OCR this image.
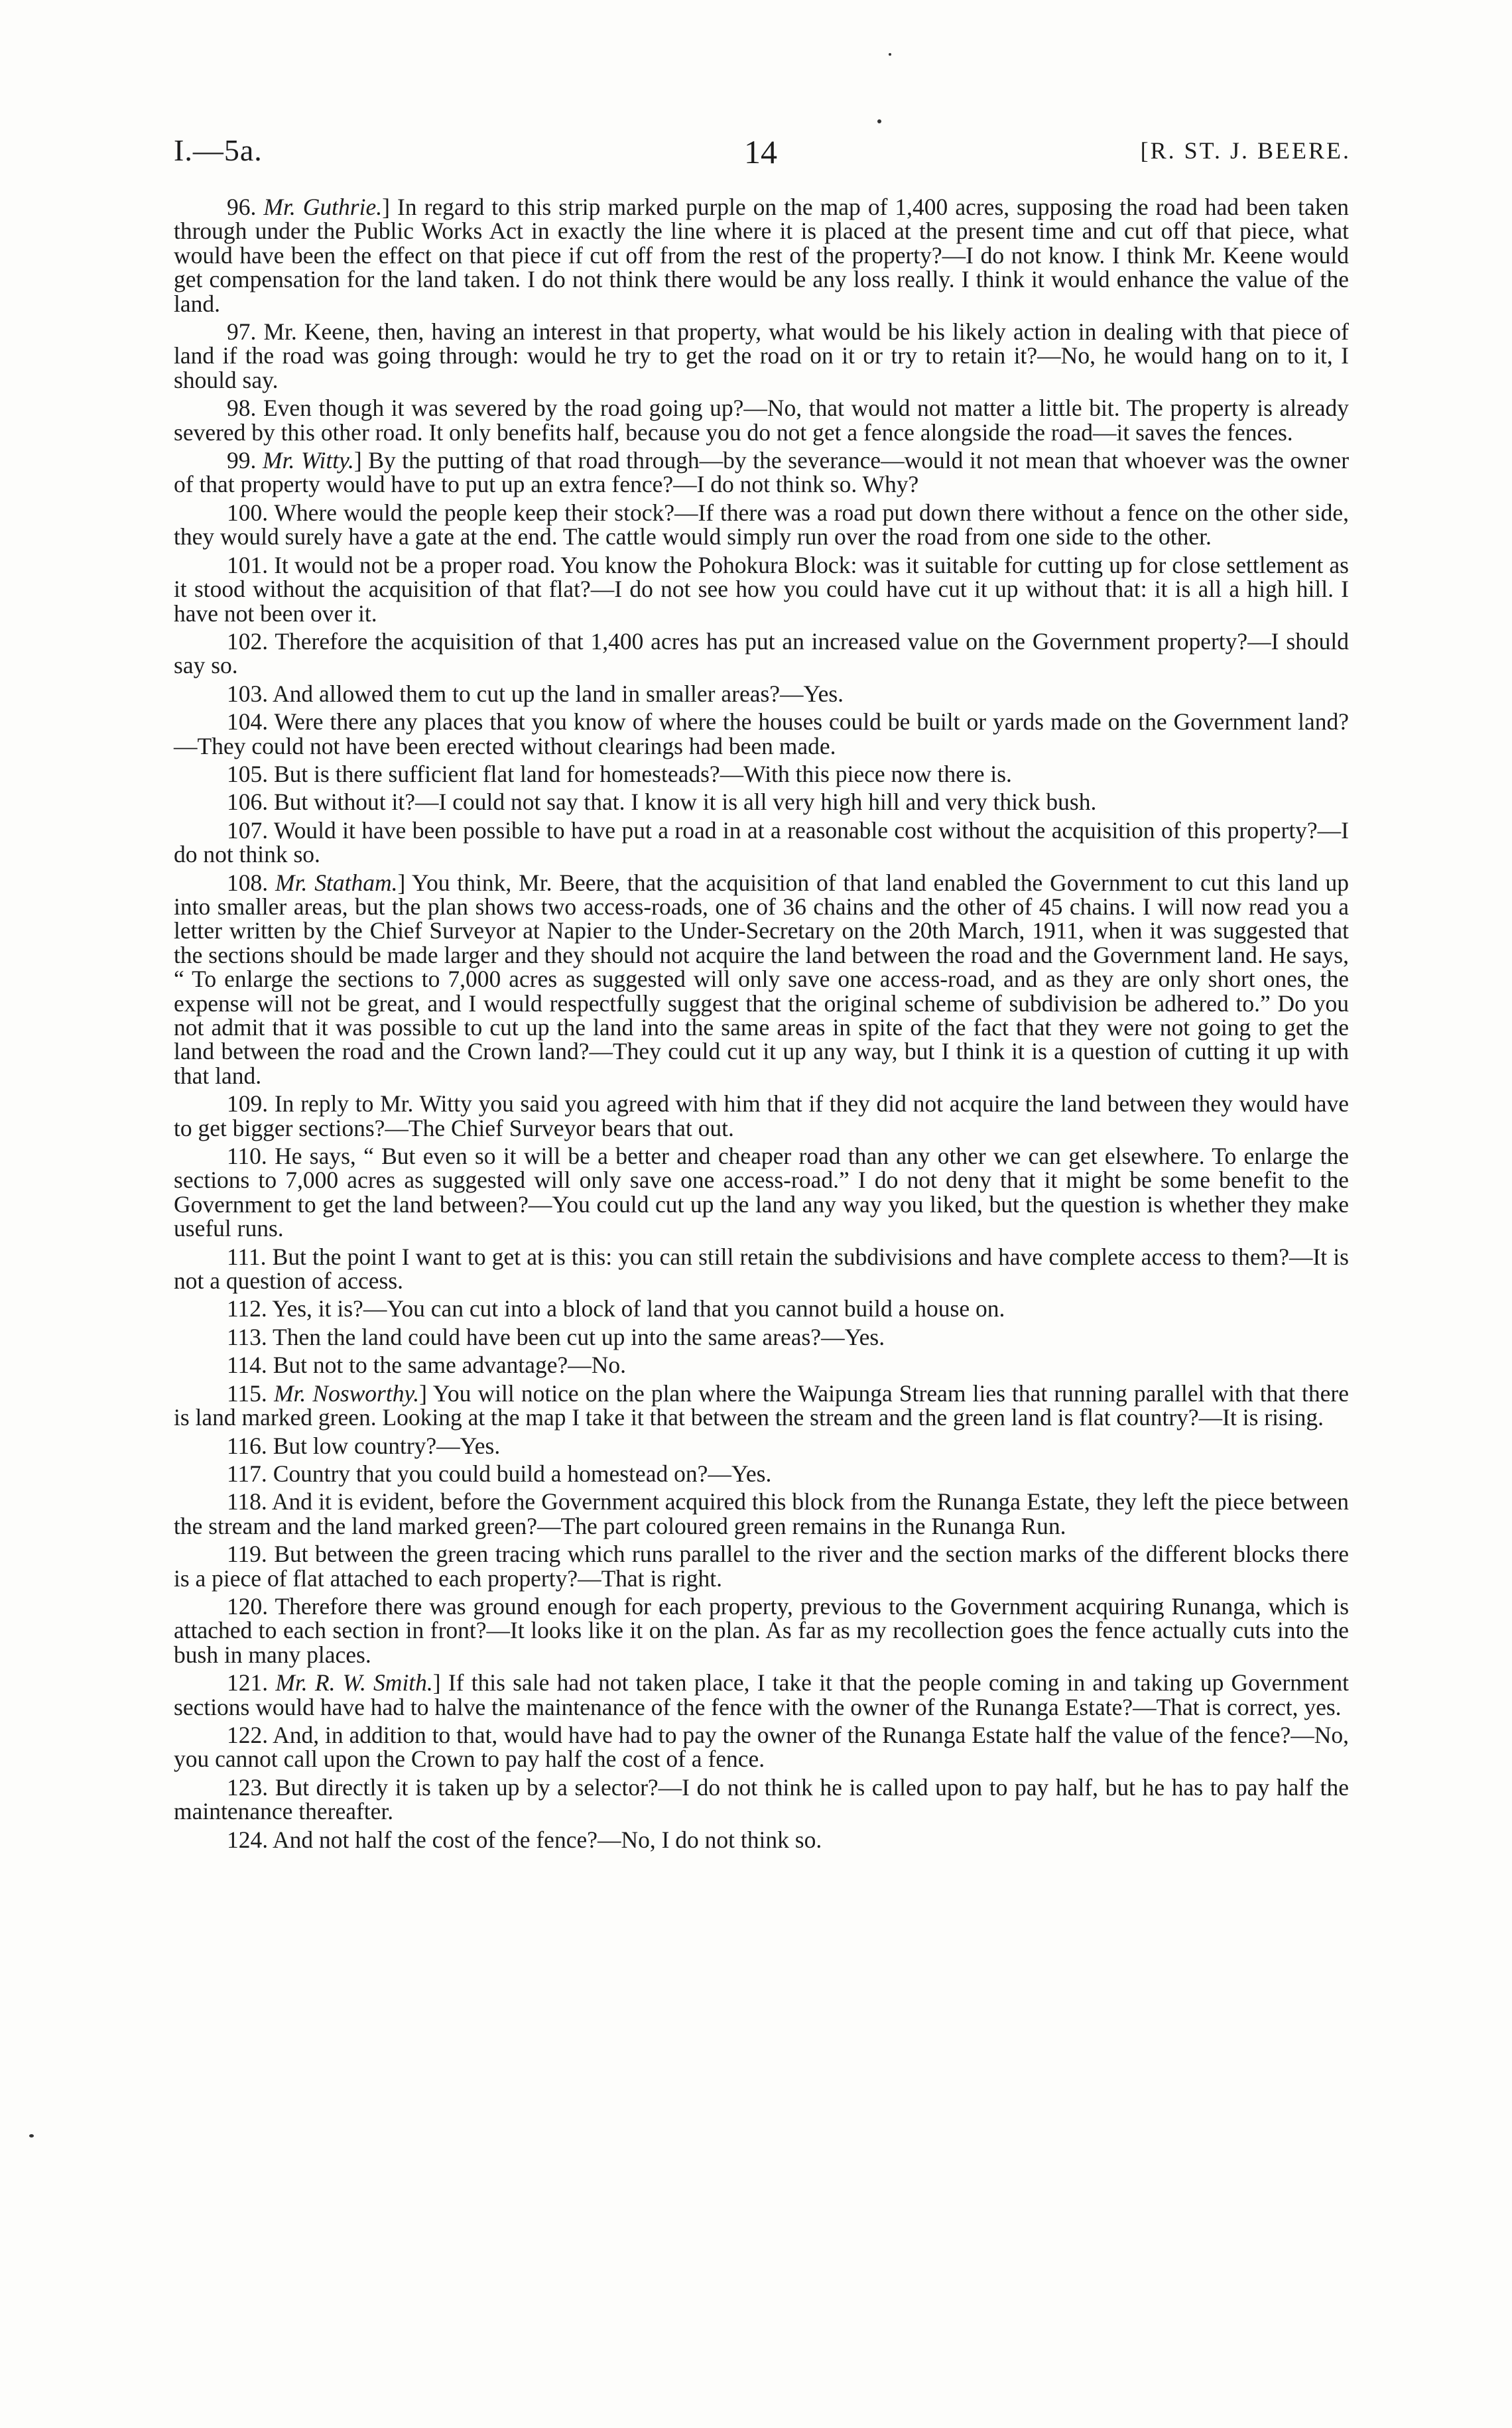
I.—5a.	14	[R. ST. J. BEERE.

96. Mr. Guthrie.] In regard to this strip marked purple on the map of 1,400 acres, supposing the road had been taken through under the Public Works Act in exactly the line where it is placed at the present time and cut off that piece, what would have been the effect on that piece if cut off from the rest of the property?—I do not know. I think Mr. Keene would get compensation for the land taken. I do not think there would be any loss really. I think it would enhance the value of the land.

97. Mr. Keene, then, having an interest in that property, what would be his likely action in dealing with that piece of land if the road was going through: would he try to get the road on it or try to retain it?—No, he would hang on to it, I should say.

98. Even though it was severed by the road going up?—No, that would not matter a little bit. The property is already severed by this other road. It only benefits half, because you do not get a fence alongside the road—it saves the fences.

99. Mr. Witty.] By the putting of that road through—by the severance—would it not mean that whoever was the owner of that property would have to put up an extra fence?—I do not think so. Why?

100. Where would the people keep their stock?—If there was a road put down there without a fence on the other side, they would surely have a gate at the end. The cattle would simply run over the road from one side to the other.

101. It would not be a proper road. You know the Pohokura Block: was it suitable for cutting up for close settlement as it stood without the acquisition of that flat?—I do not see how you could have cut it up without that: it is all a high hill. I have not been over it.

102. Therefore the acquisition of that 1,400 acres has put an increased value on the Government property?—I should say so.

103. And allowed them to cut up the land in smaller areas?—Yes.

104. Were there any places that you know of where the houses could be built or yards made on the Government land?—They could not have been erected without clearings had been made.

105. But is there sufficient flat land for homesteads?—With this piece now there is.

106. But without it?—I could not say that. I know it is all very high hill and very thick bush.

107. Would it have been possible to have put a road in at a reasonable cost without the acquisition of this property?—I do not think so.

108. Mr. Statham.] You think, Mr. Beere, that the acquisition of that land enabled the Government to cut this land up into smaller areas, but the plan shows two access-roads, one of 36 chains and the other of 45 chains. I will now read you a letter written by the Chief Surveyor at Napier to the Under-Secretary on the 20th March, 1911, when it was suggested that the sections should be made larger and they should not acquire the land between the road and the Government land. He says, “ To enlarge the sections to 7,000 acres as suggested will only save one access-road, and as they are only short ones, the expense will not be great, and I would respectfully suggest that the original scheme of subdivision be adhered to.” Do you not admit that it was possible to cut up the land into the same areas in spite of the fact that they were not going to get the land between the road and the Crown land?—They could cut it up any way, but I think it is a question of cutting it up with that land.

109. In reply to Mr. Witty you said you agreed with him that if they did not acquire the land between they would have to get bigger sections?—The Chief Surveyor bears that out.

110. He says, “ But even so it will be a better and cheaper road than any other we can get elsewhere. To enlarge the sections to 7,000 acres as suggested will only save one access-road.” I do not deny that it might be some benefit to the Government to get the land between?—You could cut up the land any way you liked, but the question is whether they make useful runs.

111. But the point I want to get at is this: you can still retain the subdivisions and have complete access to them?—It is not a question of access.

112. Yes, it is?—You can cut into a block of land that you cannot build a house on.

113. Then the land could have been cut up into the same areas?—Yes.

114. But not to the same advantage?—No.

115. Mr. Nosworthy.] You will notice on the plan where the Waipunga Stream lies that running parallel with that there is land marked green. Looking at the map I take it that between the stream and the green land is flat country?—It is rising.

116. But low country?—Yes.

117. Country that you could build a homestead on?—Yes.

118. And it is evident, before the Government acquired this block from the Runanga Estate, they left the piece between the stream and the land marked green?—The part coloured green remains in the Runanga Run.

119. But between the green tracing which runs parallel to the river and the section marks of the different blocks there is a piece of flat attached to each property?—That is right.

120. Therefore there was ground enough for each property, previous to the Government acquiring Runanga, which is attached to each section in front?—It looks like it on the plan. As far as my recollection goes the fence actually cuts into the bush in many places.

121. Mr. R. W. Smith.] If this sale had not taken place, I take it that the people coming in and taking up Government sections would have had to halve the maintenance of the fence with the owner of the Runanga Estate?—That is correct, yes.

122. And, in addition to that, would have had to pay the owner of the Runanga Estate half the value of the fence?—No, you cannot call upon the Crown to pay half the cost of a fence.

123. But directly it is taken up by a selector?—I do not think he is called upon to pay half, but he has to pay half the maintenance thereafter.

124. And not half the cost of the fence?—No, I do not think so.
